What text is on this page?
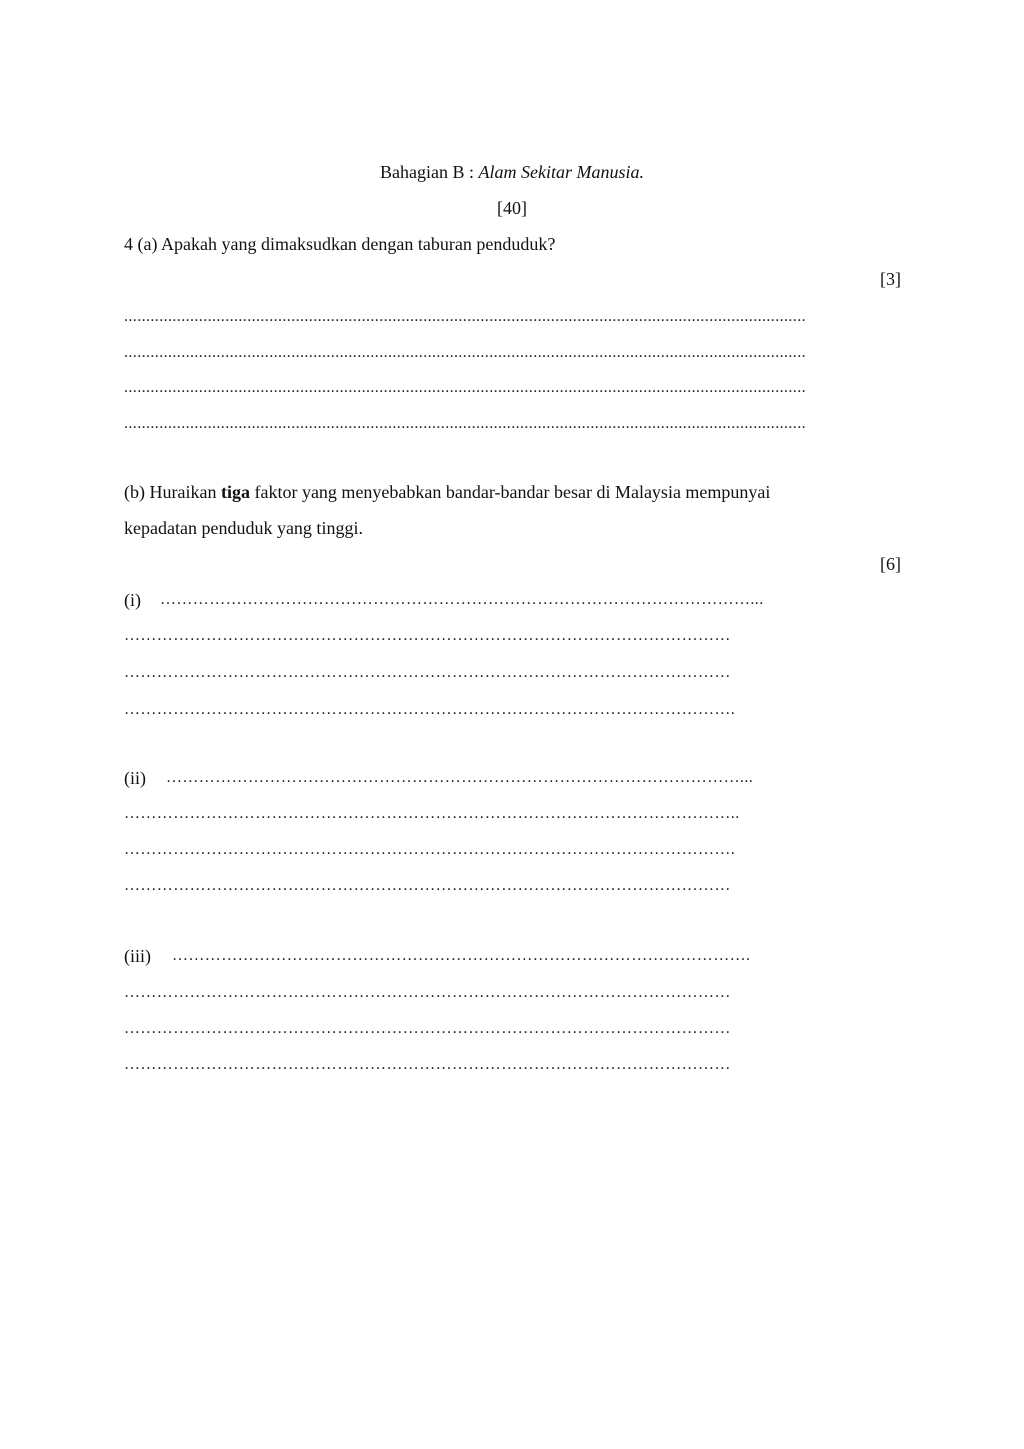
Bahagian B : Alam Sekitar Manusia.
[40]
4 (a) Apakah yang dimaksudkan dengan taburan penduduk?
[3]
...........................................................................................................................................................
...........................................................................................................................................................
...........................................................................................................................................................
...........................................................................................................................................................
(b) Huraikan tiga faktor yang menyebabkan bandar-bandar besar di Malaysia mempunyai
kepadatan penduduk yang tinggi.
[6]
(i) ………………………………………………………………………………………………...
…………………………………………………………………………………………………
…………………………………………………………………………………………………
………………………………………………………………………………………………….
(ii) ……………………………………………………………………………………………...
…………………………………………………………………………………………………..
………………………………………………………………………………………………….
…………………………………………………………………………………………………
(iii) …………………………………………………………………………………………….
…………………………………………………………………………………………………
…………………………………………………………………………………………………
…………………………………………………………………………………………………
